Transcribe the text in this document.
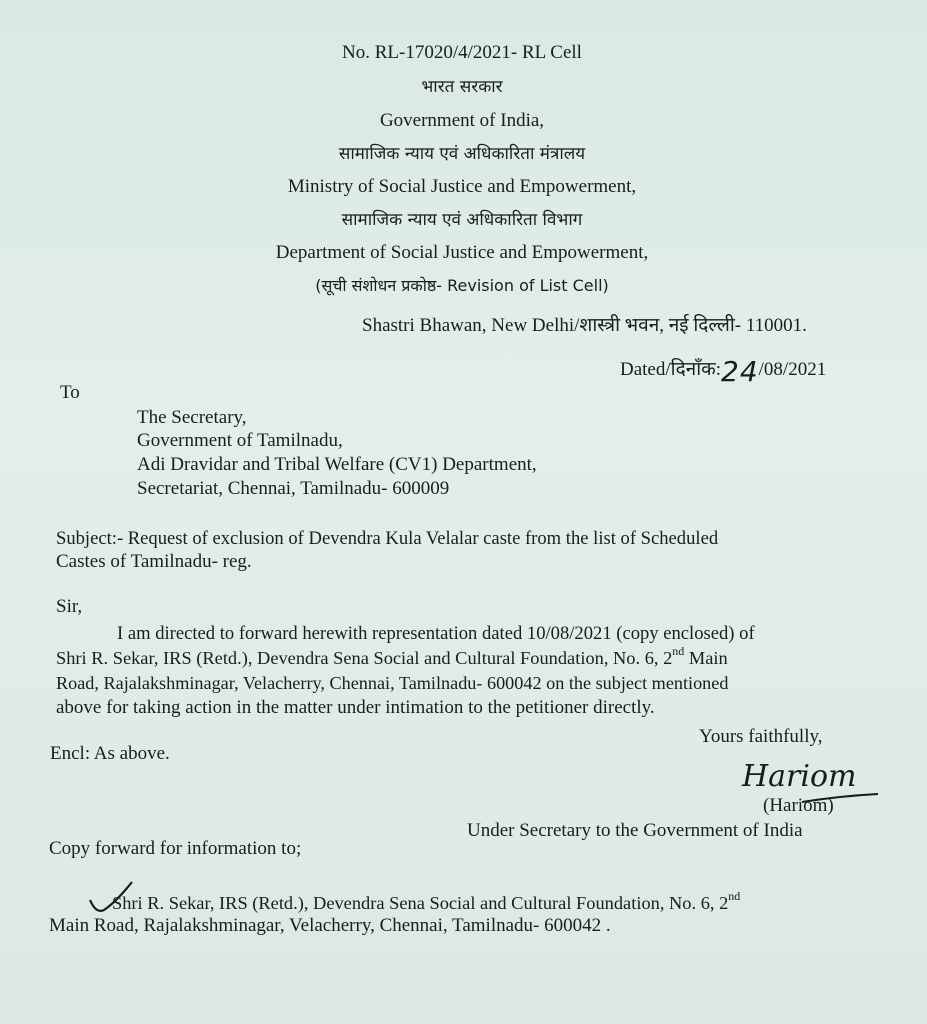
No. RL-17020/4/2021- RL Cell
भारत सरकार
Government of India,
सामाजिक न्याय एवं अधिकारिता मंत्रालय
Ministry of Social Justice and Empowerment,
सामाजिक न्याय एवं अधिकारिता विभाग
Department of Social Justice and Empowerment,
(सूची संशोधन प्रकोष्ठ- Revision of List Cell)
Shastri Bhawan, New Delhi/शास्त्री भवन, नई दिल्ली- 110001.
Dated/दिनाँक:24/08/2021
To
The Secretary,
Government of Tamilnadu,
Adi Dravidar and Tribal Welfare (CV1) Department,
Secretariat, Chennai, Tamilnadu- 600009
Subject:- Request of exclusion of Devendra Kula Velalar caste from the list of Scheduled
Castes of Tamilnadu- reg.
Sir,
I am directed to forward herewith representation dated 10/08/2021 (copy enclosed) of
Shri R. Sekar, IRS (Retd.), Devendra Sena Social and Cultural Foundation, No. 6, 2nd Main
Road, Rajalakshminagar, Velacherry, Chennai, Tamilnadu- 600042 on the subject mentioned
above for taking action in the matter under intimation to the petitioner directly.
Yours faithfully,
Encl: As above.
Hariom
(Hariom)
Under Secretary to the Government of India
Copy forward for information to;
Shri R. Sekar, IRS (Retd.), Devendra Sena Social and Cultural Foundation, No. 6, 2nd
Main Road, Rajalakshminagar, Velacherry, Chennai, Tamilnadu- 600042 .
